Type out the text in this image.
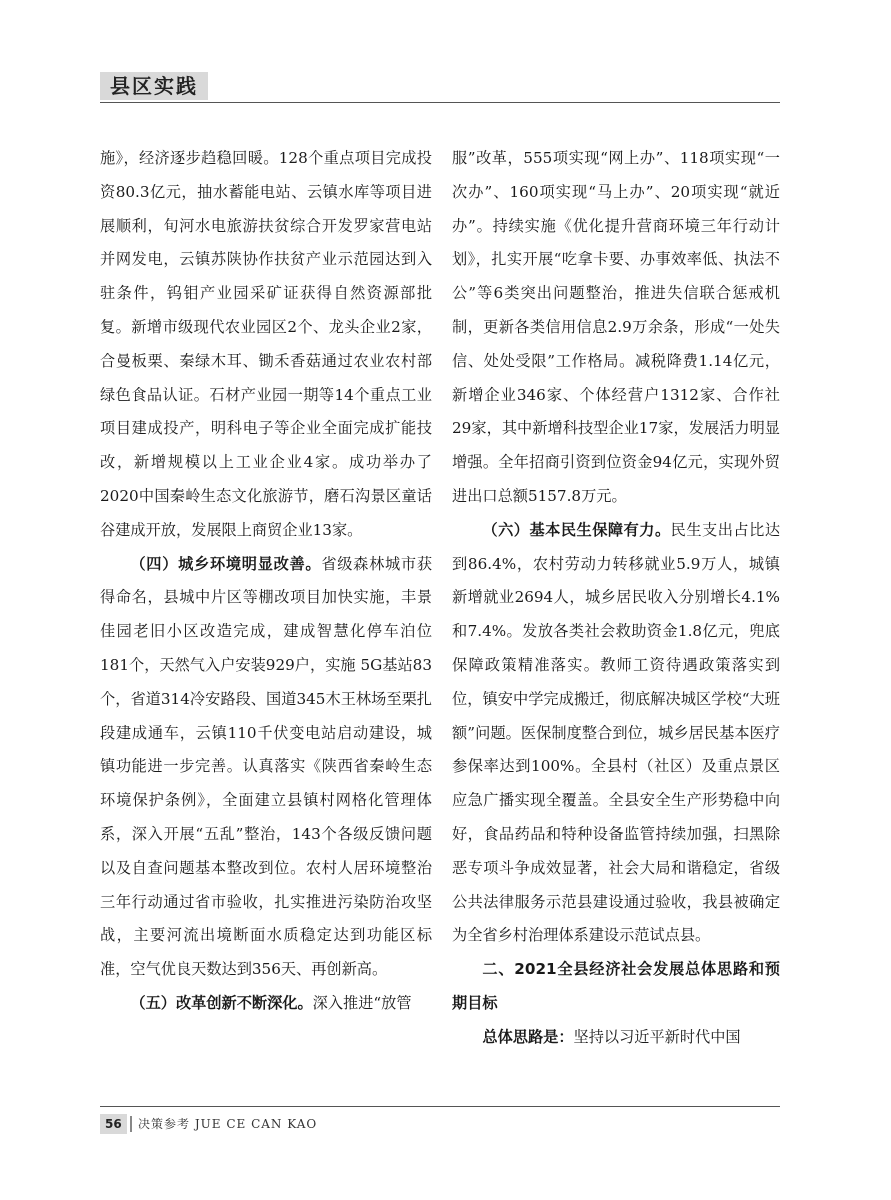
县区实践

施》，经济逐步趋稳回暖。128个重点项目完成投资80.3亿元，抽水蓄能电站、云镇水库等项目进展顺利，旬河水电旅游扶贫综合开发罗家营电站并网发电，云镇苏陕协作扶贫产业示范园达到入驻条件，钨钼产业园采矿证获得自然资源部批复。新增市级现代农业园区2个、龙头企业2家，合曼板栗、秦绿木耳、锄禾香菇通过农业农村部绿色食品认证。石材产业园一期等14个重点工业项目建成投产，明科电子等企业全面完成扩能技改，新增规模以上工业企业4家。成功举办了2020中国秦岭生态文化旅游节，磨石沟景区童话谷建成开放，发展限上商贸企业13家。

（四）城乡环境明显改善。省级森林城市获得命名，县城中片区等棚改项目加快实施，丰景佳园老旧小区改造完成，建成智慧化停车泊位181个，天然气入户安装929户，实施 5G基站83个，省道314冷安路段、国道345木王林场至栗扎段建成通车，云镇110千伏变电站启动建设，城镇功能进一步完善。认真落实《陕西省秦岭生态环境保护条例》，全面建立县镇村网格化管理体系，深入开展“五乱”整治，143个各级反馈问题以及自查问题基本整改到位。农村人居环境整治三年行动通过省市验收，扎实推进污染防治攻坚战，主要河流出境断面水质稳定达到功能区标准，空气优良天数达到356天、再创新高。

（五）改革创新不断深化。深入推进“放管

服”改革，555项实现“网上办”、118项实现“一次办”、160项实现“马上办”、20项实现“就近办”。持续实施《优化提升营商环境三年行动计划》，扎实开展“吃拿卡要、办事效率低、执法不公”等6类突出问题整治，推进失信联合惩戒机制，更新各类信用信息2.9万余条，形成“一处失信、处处受限”工作格局。减税降费1.14亿元，新增企业346家、个体经营户1312家、合作社29家，其中新增科技型企业17家，发展活力明显增强。全年招商引资到位资金94亿元，实现外贸进出口总额5157.8万元。

（六）基本民生保障有力。民生支出占比达到86.4%，农村劳动力转移就业5.9万人，城镇新增就业2694人，城乡居民收入分别增长4.1%和7.4%。发放各类社会救助资金1.8亿元，兜底保障政策精准落实。教师工资待遇政策落实到位，镇安中学完成搬迁，彻底解决城区学校“大班额”问题。医保制度整合到位，城乡居民基本医疗参保率达到100%。全县村（社区）及重点景区应急广播实现全覆盖。全县安全生产形势稳中向好，食品药品和特种设备监管持续加强，扫黑除恶专项斗争成效显著，社会大局和谐稳定，省级公共法律服务示范县建设通过验收，我县被确定为全省乡村治理体系建设示范试点县。

二、2021全县经济社会发展总体思路和预期目标

总体思路是：坚持以习近平新时代中国

56	决策参考 JUE CE CAN KAO
